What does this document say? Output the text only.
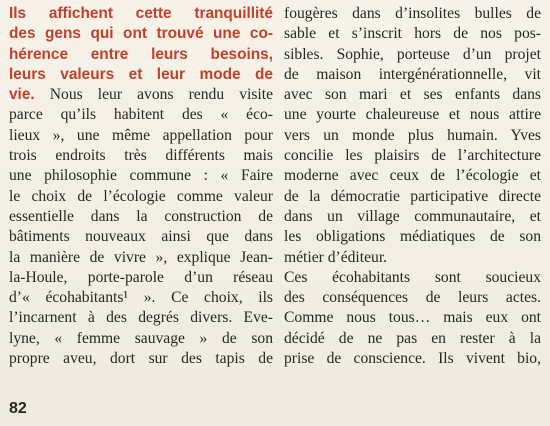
Ils affichent cette tranquillité
des gens qui ont trouvé une co-
hérence entre leurs besoins,
leurs valeurs et leur mode de
vie. Nous leur avons rendu visite
parce qu’ils habitent des « éco-
lieux », une même appellation pour
trois endroits très différents mais
une philosophie commune : « Faire
le choix de l’écologie comme valeur
essentielle dans la construction de
bâtiments nouveaux ainsi que dans
la manière de vivre », explique Jean-
la-Houle, porte-parole d’un réseau
d’« écohabitants¹ ». Ce choix, ils
l’incarnent à des degrés divers. Eve-
lyne, « femme sauvage » de son
propre aveu, dort sur des tapis de
fougères dans d’insolites bulles de
sable et s’inscrit hors de nos pos-
sibles. Sophie, porteuse d’un projet
de maison intergénérationnelle, vit
avec son mari et ses enfants dans
une yourte chaleureuse et nous attire
vers un monde plus humain. Yves
concilie les plaisirs de l’architecture
moderne avec ceux de l’écologie et
de la démocratie participative directe
dans un village communautaire, et
les obligations médiatiques de son
métier d’éditeur.
Ces écohabitants sont soucieux
des conséquences de leurs actes.
Comme nous tous… mais eux ont
décidé de ne pas en rester à la
prise de conscience. Ils vivent bio,
82
